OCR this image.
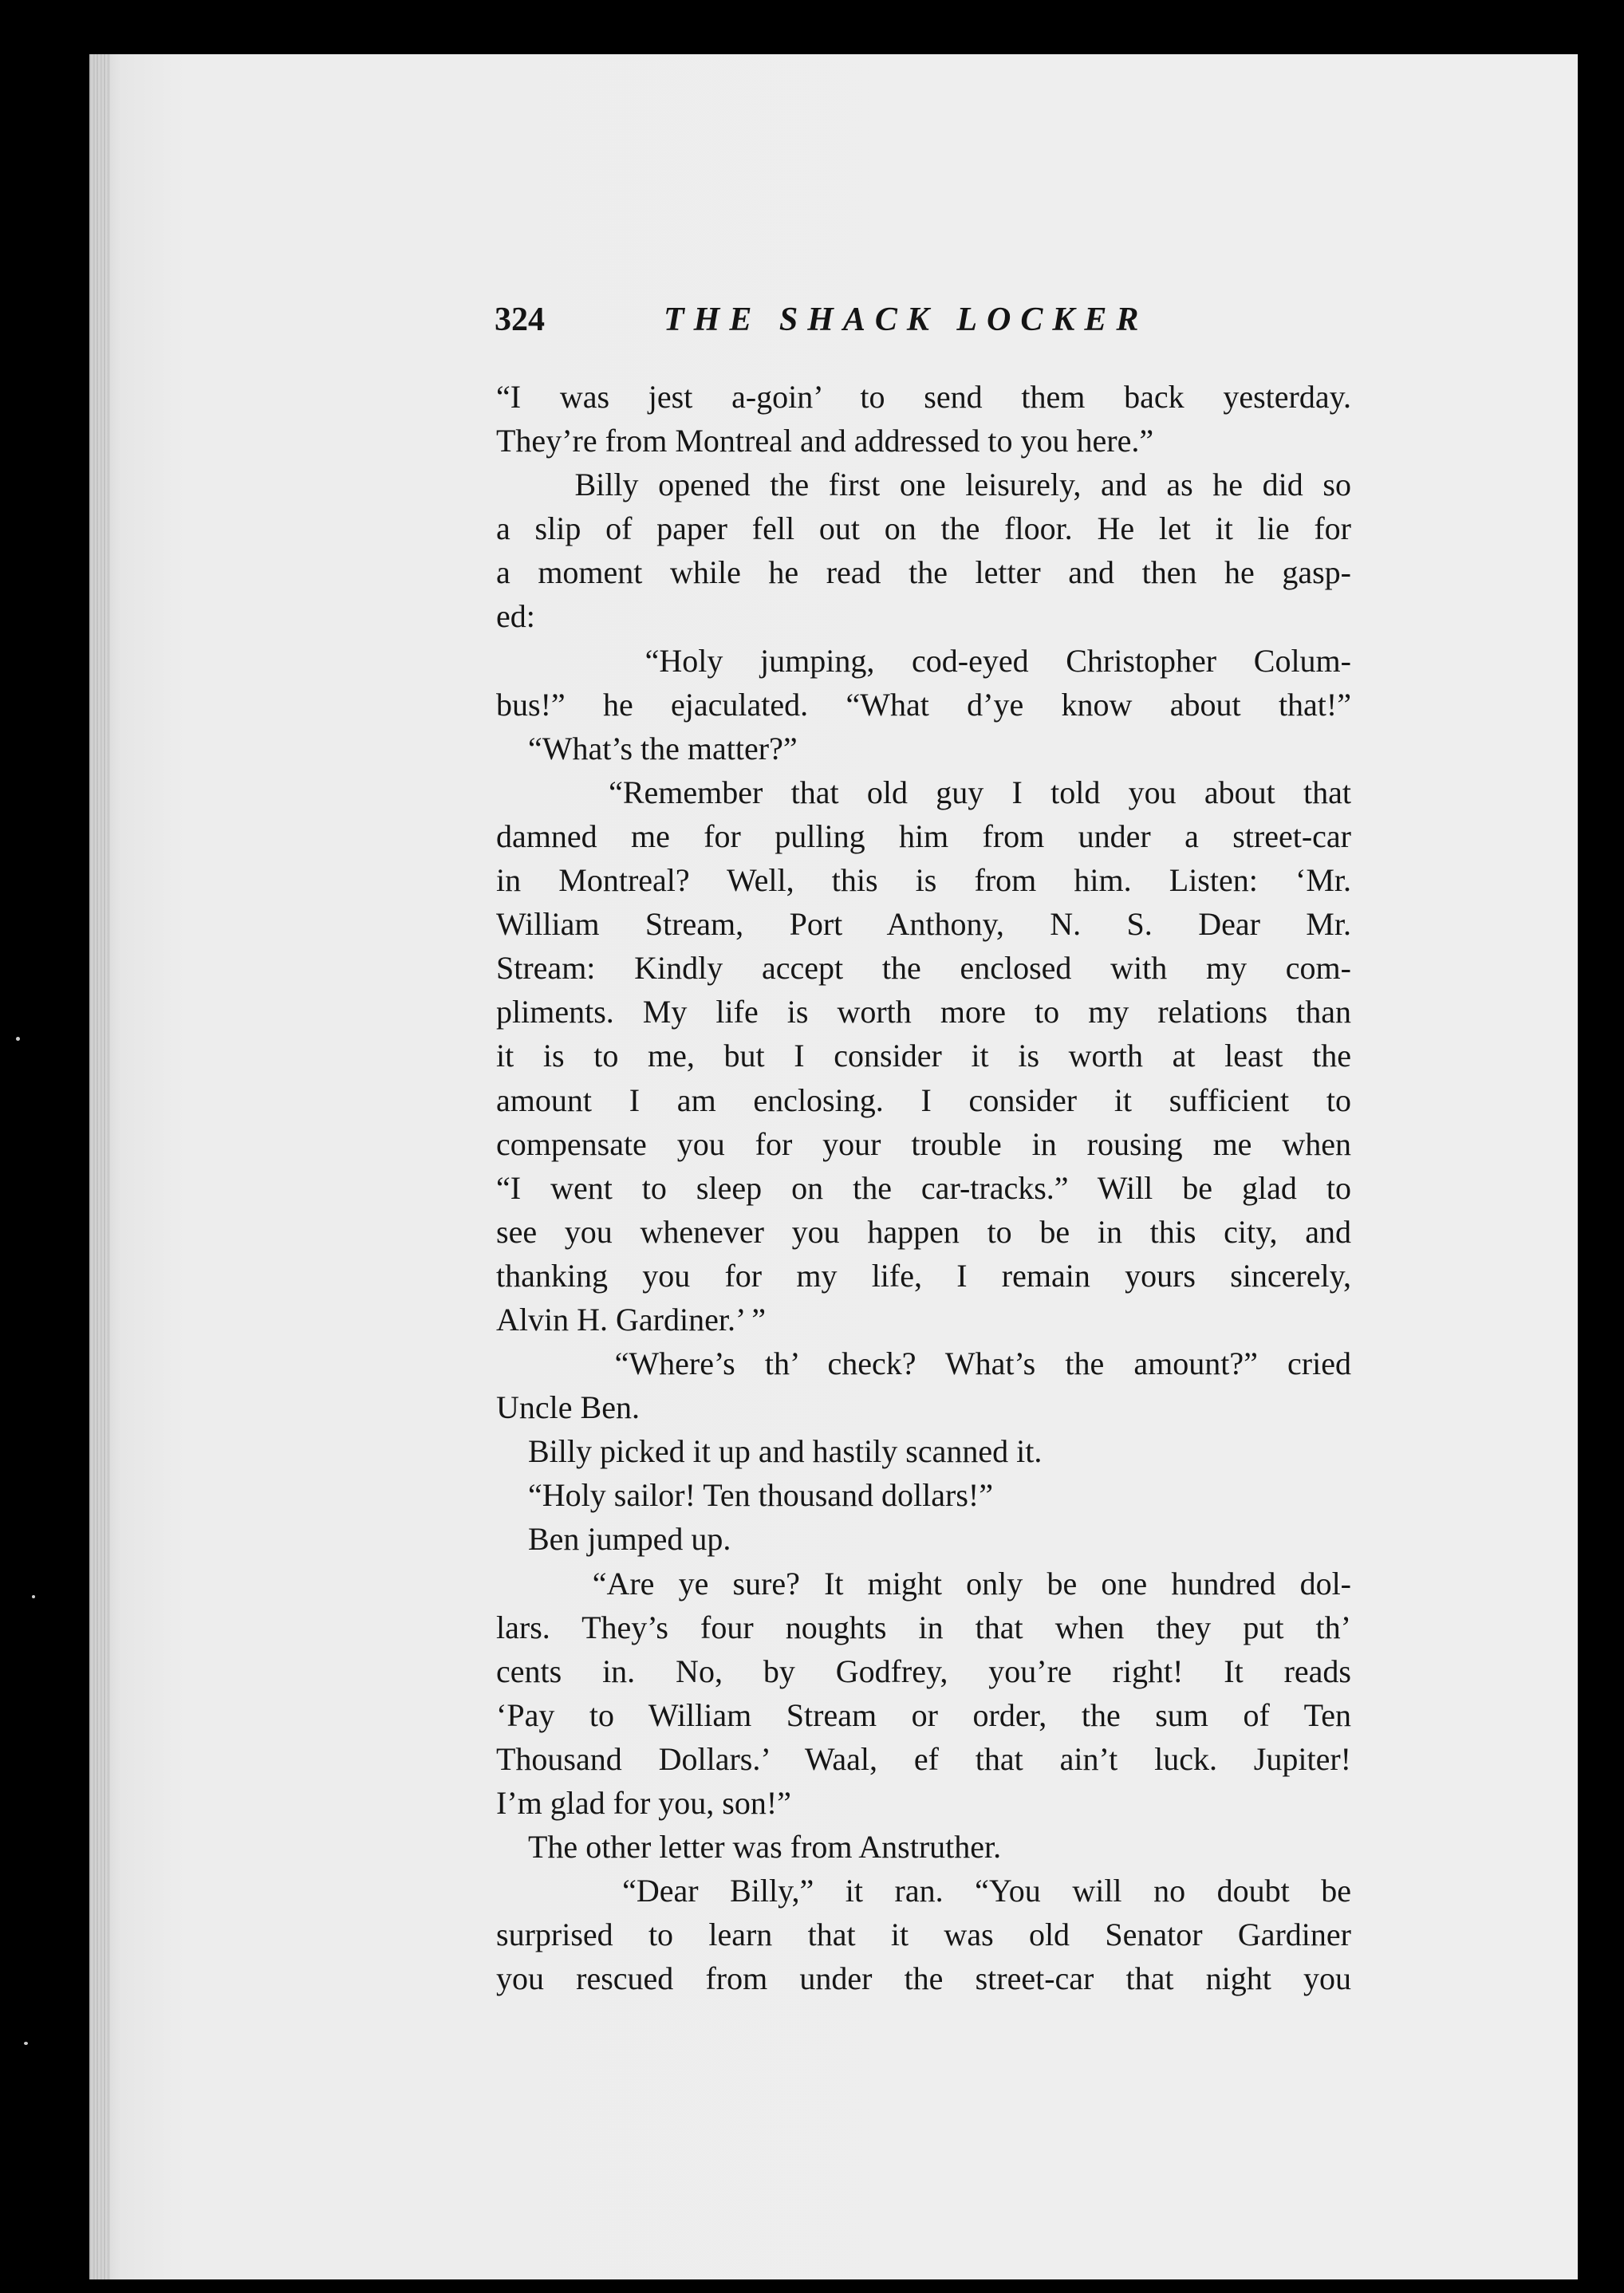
324	THE SHACK LOCKER
“I was jest a-goin’ to send them back yesterday.
They’re from Montreal and addressed to you here.”
Billy opened the first one leisurely, and as he did so
a slip of paper fell out on the floor. He let it lie for
a moment while he read the letter and then he gasp-
ed:
“Holy jumping, cod-eyed Christopher Colum-
bus!” he ejaculated. “What d’ye know about that!”
“What’s the matter?”
“Remember that old guy I told you about that
damned me for pulling him from under a street-car
in Montreal? Well, this is from him. Listen: ‘Mr.
William Stream, Port Anthony, N. S. Dear Mr.
Stream: Kindly accept the enclosed with my com-
pliments. My life is worth more to my relations than
it is to me, but I consider it is worth at least the
amount I am enclosing. I consider it sufficient to
compensate you for your trouble in rousing me when
“I went to sleep on the car-tracks.” Will be glad to
see you whenever you happen to be in this city, and
thanking you for my life, I remain yours sincerely,
Alvin H. Gardiner.’ ”
“Where’s th’ check? What’s the amount?” cried
Uncle Ben.
Billy picked it up and hastily scanned it.
“Holy sailor! Ten thousand dollars!”
Ben jumped up.
“Are ye sure? It might only be one hundred dol-
lars. They’s four noughts in that when they put th’
cents in. No, by Godfrey, you’re right! It reads
‘Pay to William Stream or order, the sum of Ten
Thousand Dollars.’ Waal, ef that ain’t luck. Jupiter!
I’m glad for you, son!”
The other letter was from Anstruther.
“Dear Billy,” it ran. “You will no doubt be
surprised to learn that it was old Senator Gardiner
you rescued from under the street-car that night you
